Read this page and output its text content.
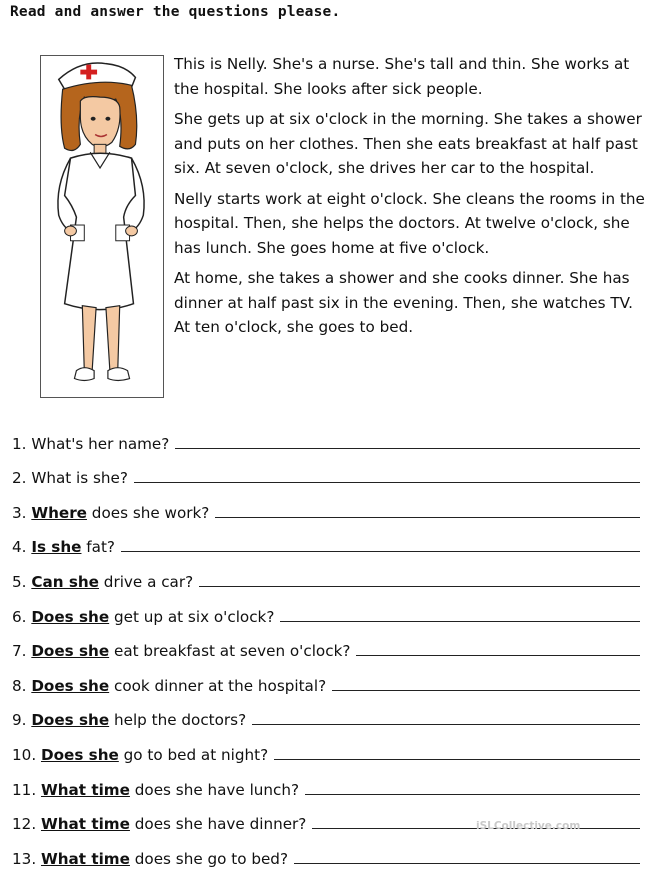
Read and answer the questions please.

This is Nelly. She's a nurse. She's tall and thin. She works at the hospital. She looks after sick people.

She gets up at six o'clock in the morning. She takes a shower and puts on her clothes. Then she eats breakfast at half past six. At seven o'clock, she drives her car to the hospital.

Nelly starts work at eight o'clock. She cleans the rooms in the hospital. Then, she helps the doctors. At twelve o'clock, she has lunch. She goes home at five o'clock.

At home, she takes a shower and she cooks dinner. She has dinner at half past six in the evening. Then, she watches TV. At ten o'clock, she goes to bed.

1.
What's her name?
2.
What is she?
3.
Where does she work?
4.
Is she fat?
5.
Can she drive a car?
6.
Does she get up at six o'clock?
7.
Does she eat breakfast at seven o'clock?
8.
Does she cook dinner at the hospital?
9.
Does she help the doctors?
10.
Does she go to bed at night?
11.
What time does she have lunch?
12.
What time does she have dinner?
13.
What time does she go to bed?
iSLCollective.com
